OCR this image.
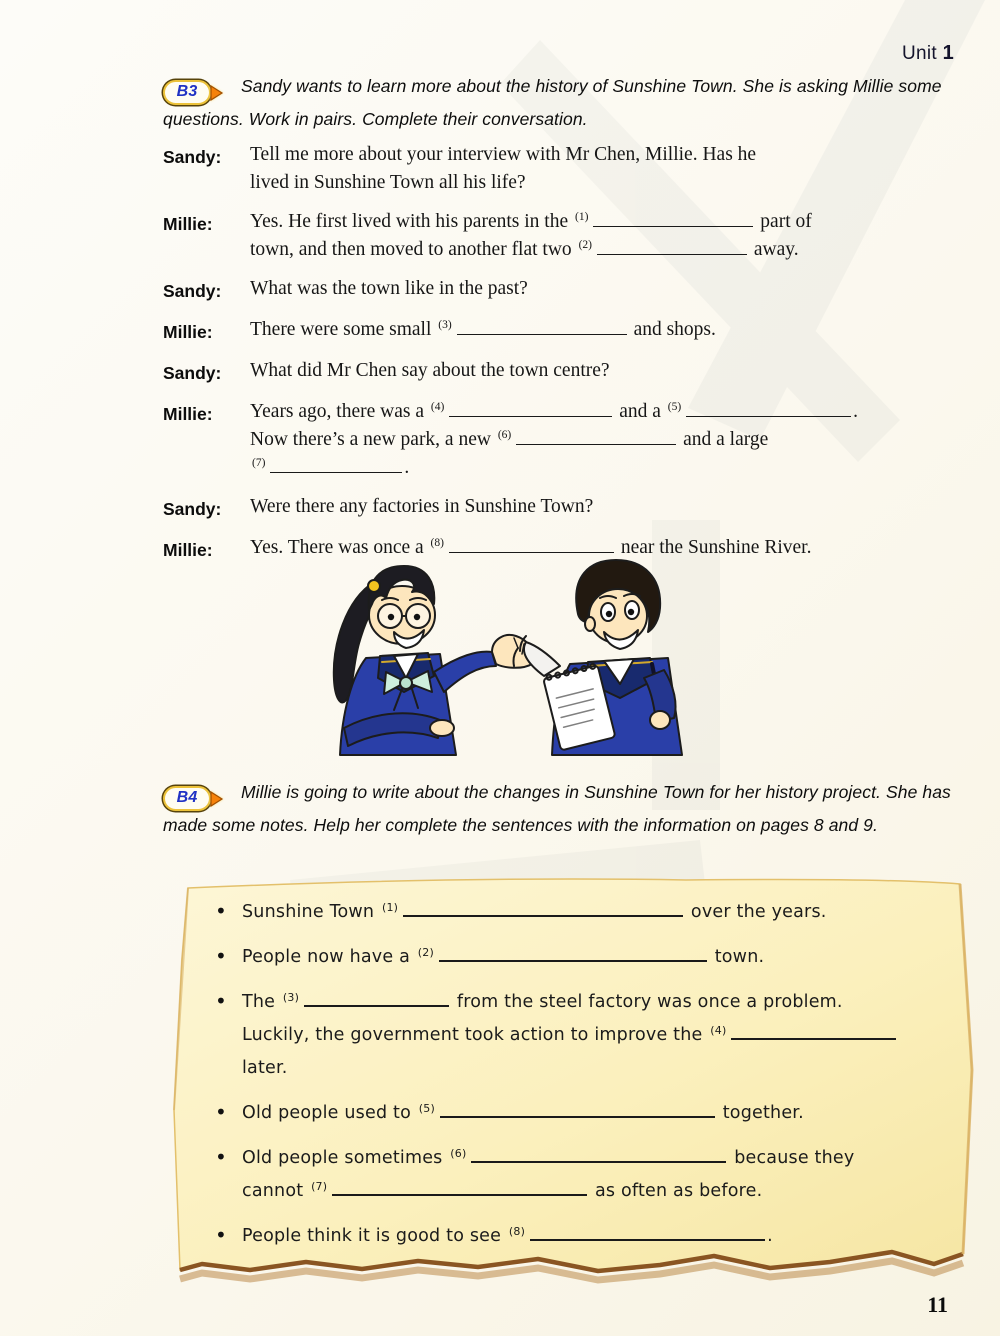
Unit 1
B3	Sandy wants to learn more about the history of Sunshine Town. She is asking Millie some questions. Work in pairs. Complete their conversation.
Sandy:	Tell me more about your interview with Mr Chen, Millie. Has he
lived in Sunshine Town all his life?
Millie:	Yes. He first lived with his parents in the $^{(1)}$	part of
town, and then moved to another flat two $^{(2)}$	away.
Sandy:	What was the town like in the past?
Millie:	There were some small $^{(3)}$	and shops.
Sandy:	What did Mr Chen say about the town centre?
Millie:	Years ago, there was a $^{(4)}$	and a $^{(5)}$	.
Now there’s a new park, a new $^{(6)}$	and a large
$^{(7)}$	.
Sandy:	Were there any factories in Sunshine Town?
Millie:	Yes. There was once a $^{(8)}$	near the Sunshine River.
B4	Millie is going to write about the changes in Sunshine Town for her history project. She has made some notes. Help her complete the sentences with the information on pages 8 and 9.
• Sunshine Town $^{(1)}$	over the years.
• People now have a $^{(2)}$	town.
• The $^{(3)}$	from the steel factory was once a problem.
Luckily, the government took action to improve the $^{(4)}$
later.
• Old people used to $^{(5)}$	together.
• Old people sometimes $^{(6)}$	because they
cannot $^{(7)}$	as often as before.
• People think it is good to see $^{(8)}$	.
11
